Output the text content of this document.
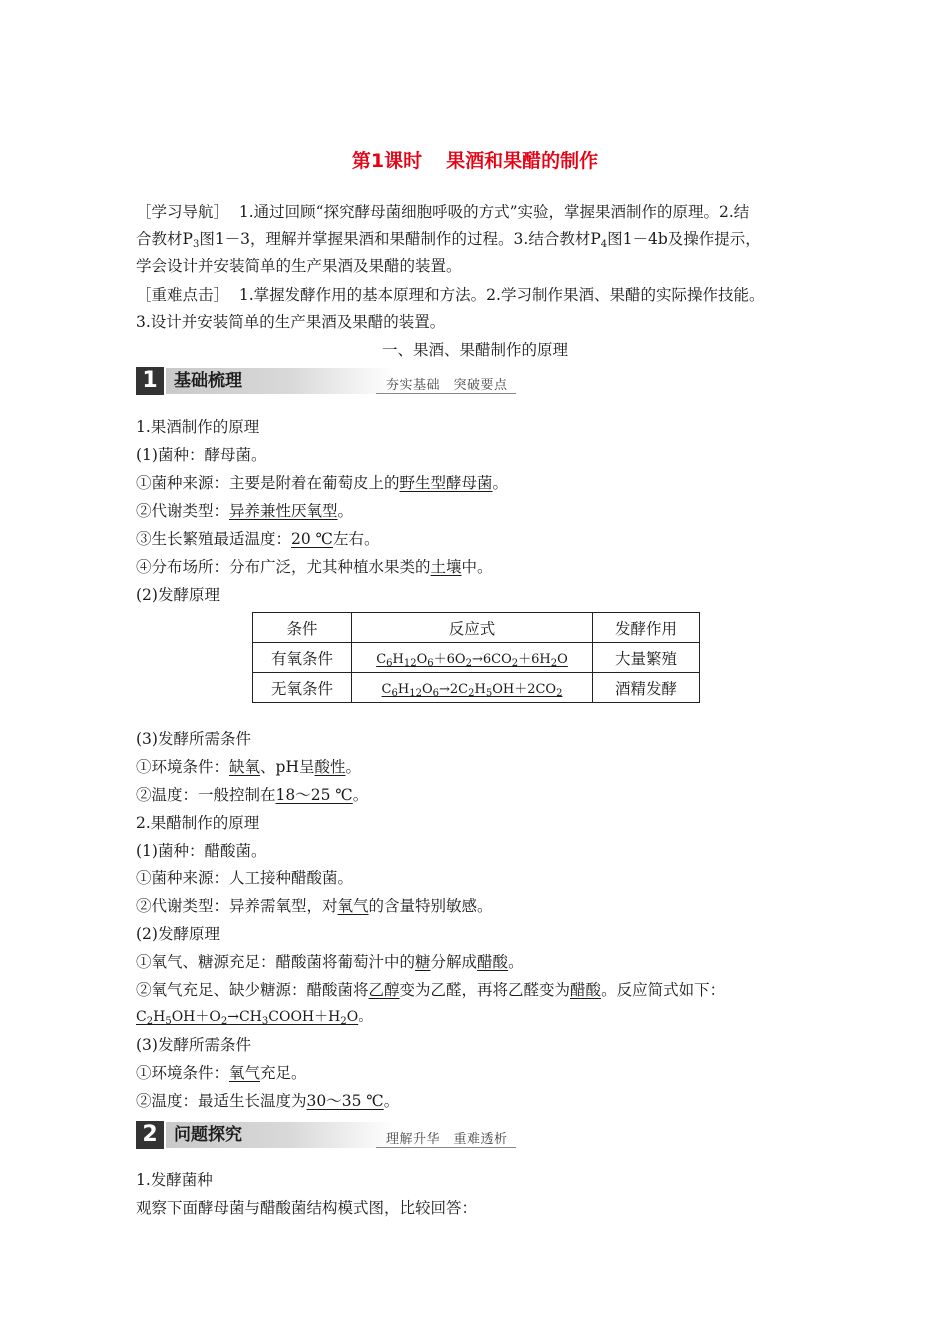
第1课时 果酒和果醋的制作
［学习导航］ 1.通过回顾“探究酵母菌细胞呼吸的方式”实验，掌握果酒制作的原理。2.结
合教材$P_3$图1－3，理解并掌握果酒和果醋制作的过程。3.结合教材$P_4$图1－4b及操作提示，
学会设计并安装简单的生产果酒及果醋的装置。
［重难点击］ 1.掌握发酵作用的基本原理和方法。2.学习制作果酒、果醋的实际操作技能。
3.设计并安装简单的生产果酒及果醋的装置。
一、果酒、果醋制作的原理
1 基础梳理	夯实基础　突破要点
1.果酒制作的原理
(1)菌种：酵母菌。
①菌种来源：主要是附着在葡萄皮上的野生型酵母菌。
②代谢类型：异养兼性厌氧型。
③生长繁殖最适温度：20 ℃左右。
④分布场所：分布广泛，尤其种植水果类的土壤中。
(2)发酵原理
条件	反应式	发酵作用
有氧条件	$C_6H_{12}O_6+6O_2\to 6CO_2+6H_2O$	大量繁殖
无氧条件	$C_6H_{12}O_6\to 2C_2H_5OH+2CO_2$	酒精发酵
(3)发酵所需条件
①环境条件：缺氧、pH呈酸性。
②温度：一般控制在18～25 ℃。
2.果醋制作的原理
(1)菌种：醋酸菌。
①菌种来源：人工接种醋酸菌。
②代谢类型：异养需氧型，对氧气的含量特别敏感。
(2)发酵原理
①氧气、糖源充足：醋酸菌将葡萄汁中的糖分解成醋酸。
②氧气充足、缺少糖源：醋酸菌将乙醇变为乙醛，再将乙醛变为醋酸。反应简式如下：
$C_2H_5OH+O_2\to CH_3COOH+H_2O$。
(3)发酵所需条件
①环境条件：氧气充足。
②温度：最适生长温度为30～35 ℃。
2 问题探究	理解升华　重难透析
1.发酵菌种
观察下面酵母菌与醋酸菌结构模式图，比较回答：
